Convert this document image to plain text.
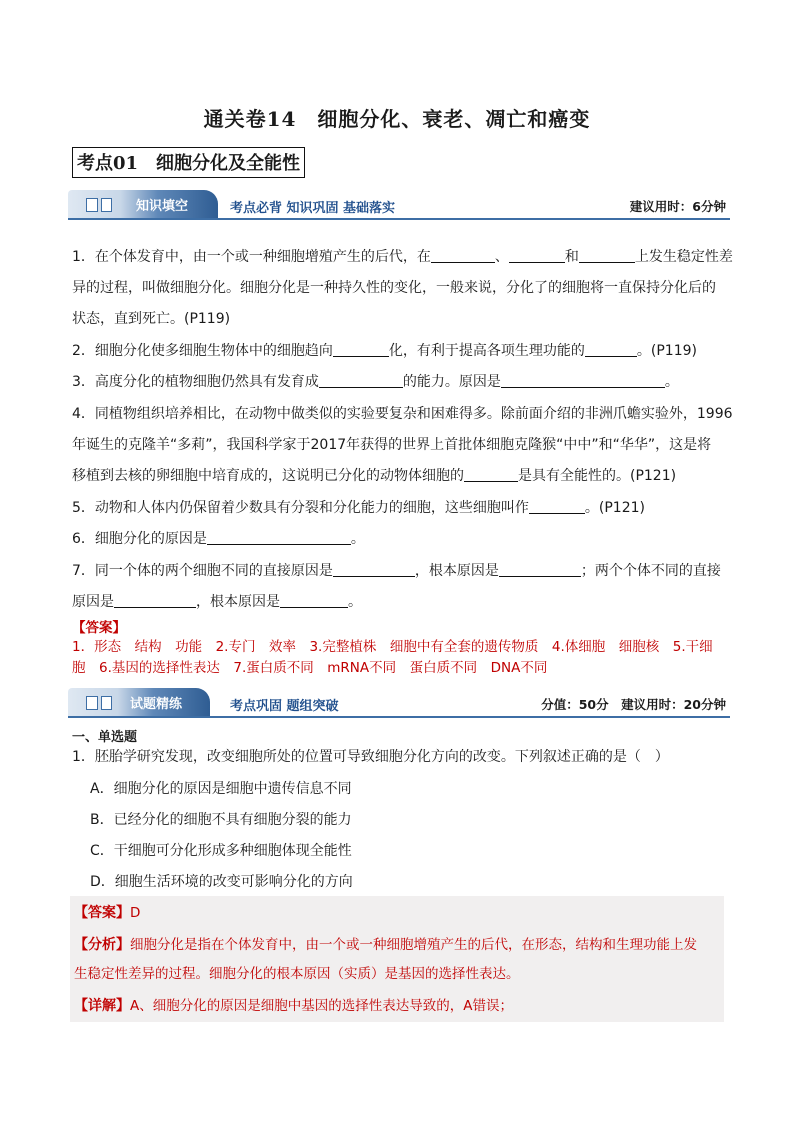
通关卷14　细胞分化、衰老、凋亡和癌变
考点01　细胞分化及全能性
知识填空	考点必背 知识巩固 基础落实	建议用时：6分钟
1．在个体发育中，由一个或一种细胞增殖产生的后代，在	、	和	上发生稳定性差
异的过程，叫做细胞分化。细胞分化是一种持久性的变化，一般来说，分化了的细胞将一直保持分化后的
状态，直到死亡。(P119)
2．细胞分化使多细胞生物体中的细胞趋向	化，有利于提高各项生理功能的	。(P119)
3．高度分化的植物细胞仍然具有发育成	的能力。原因是	。
4．同植物组织培养相比，在动物中做类似的实验要复杂和困难得多。除前面介绍的非洲爪蟾实验外，1996
年诞生的克隆羊“多莉”，我国科学家于2017年获得的世界上首批体细胞克隆猴“中中”和“华华”，这是将
移植到去核的卵细胞中培育成的，这说明已分化的动物体细胞的	是具有全能性的。(P121)
5．动物和人体内仍保留着少数具有分裂和分化能力的细胞，这些细胞叫作	。(P121)
6．细胞分化的原因是	。
7．同一个体的两个细胞不同的直接原因是	，根本原因是	；两个个体不同的直接
原因是	，根本原因是	。
【答案】
1．形态　结构　功能　2.专门　效率　3.完整植株　细胞中有全套的遗传物质　4.体细胞　细胞核　5.干细
胞　6.基因的选择性表达　7.蛋白质不同　mRNA不同　蛋白质不同　DNA不同
试题精练	考点巩固 题组突破	分值：50分　建议用时：20分钟
一、单选题
1．胚胎学研究发现，改变细胞所处的位置可导致细胞分化方向的改变。下列叙述正确的是（　）
A．细胞分化的原因是细胞中遗传信息不同
B．已经分化的细胞不具有细胞分裂的能力
C．干细胞可分化形成多种细胞体现全能性
D．细胞生活环境的改变可影响分化的方向
【答案】D
【分析】细胞分化是指在个体发育中，由一个或一种细胞增殖产生的后代，在形态，结构和生理功能上发
生稳定性差异的过程。细胞分化的根本原因（实质）是基因的选择性表达。
【详解】A、细胞分化的原因是细胞中基因的选择性表达导致的，A错误；
